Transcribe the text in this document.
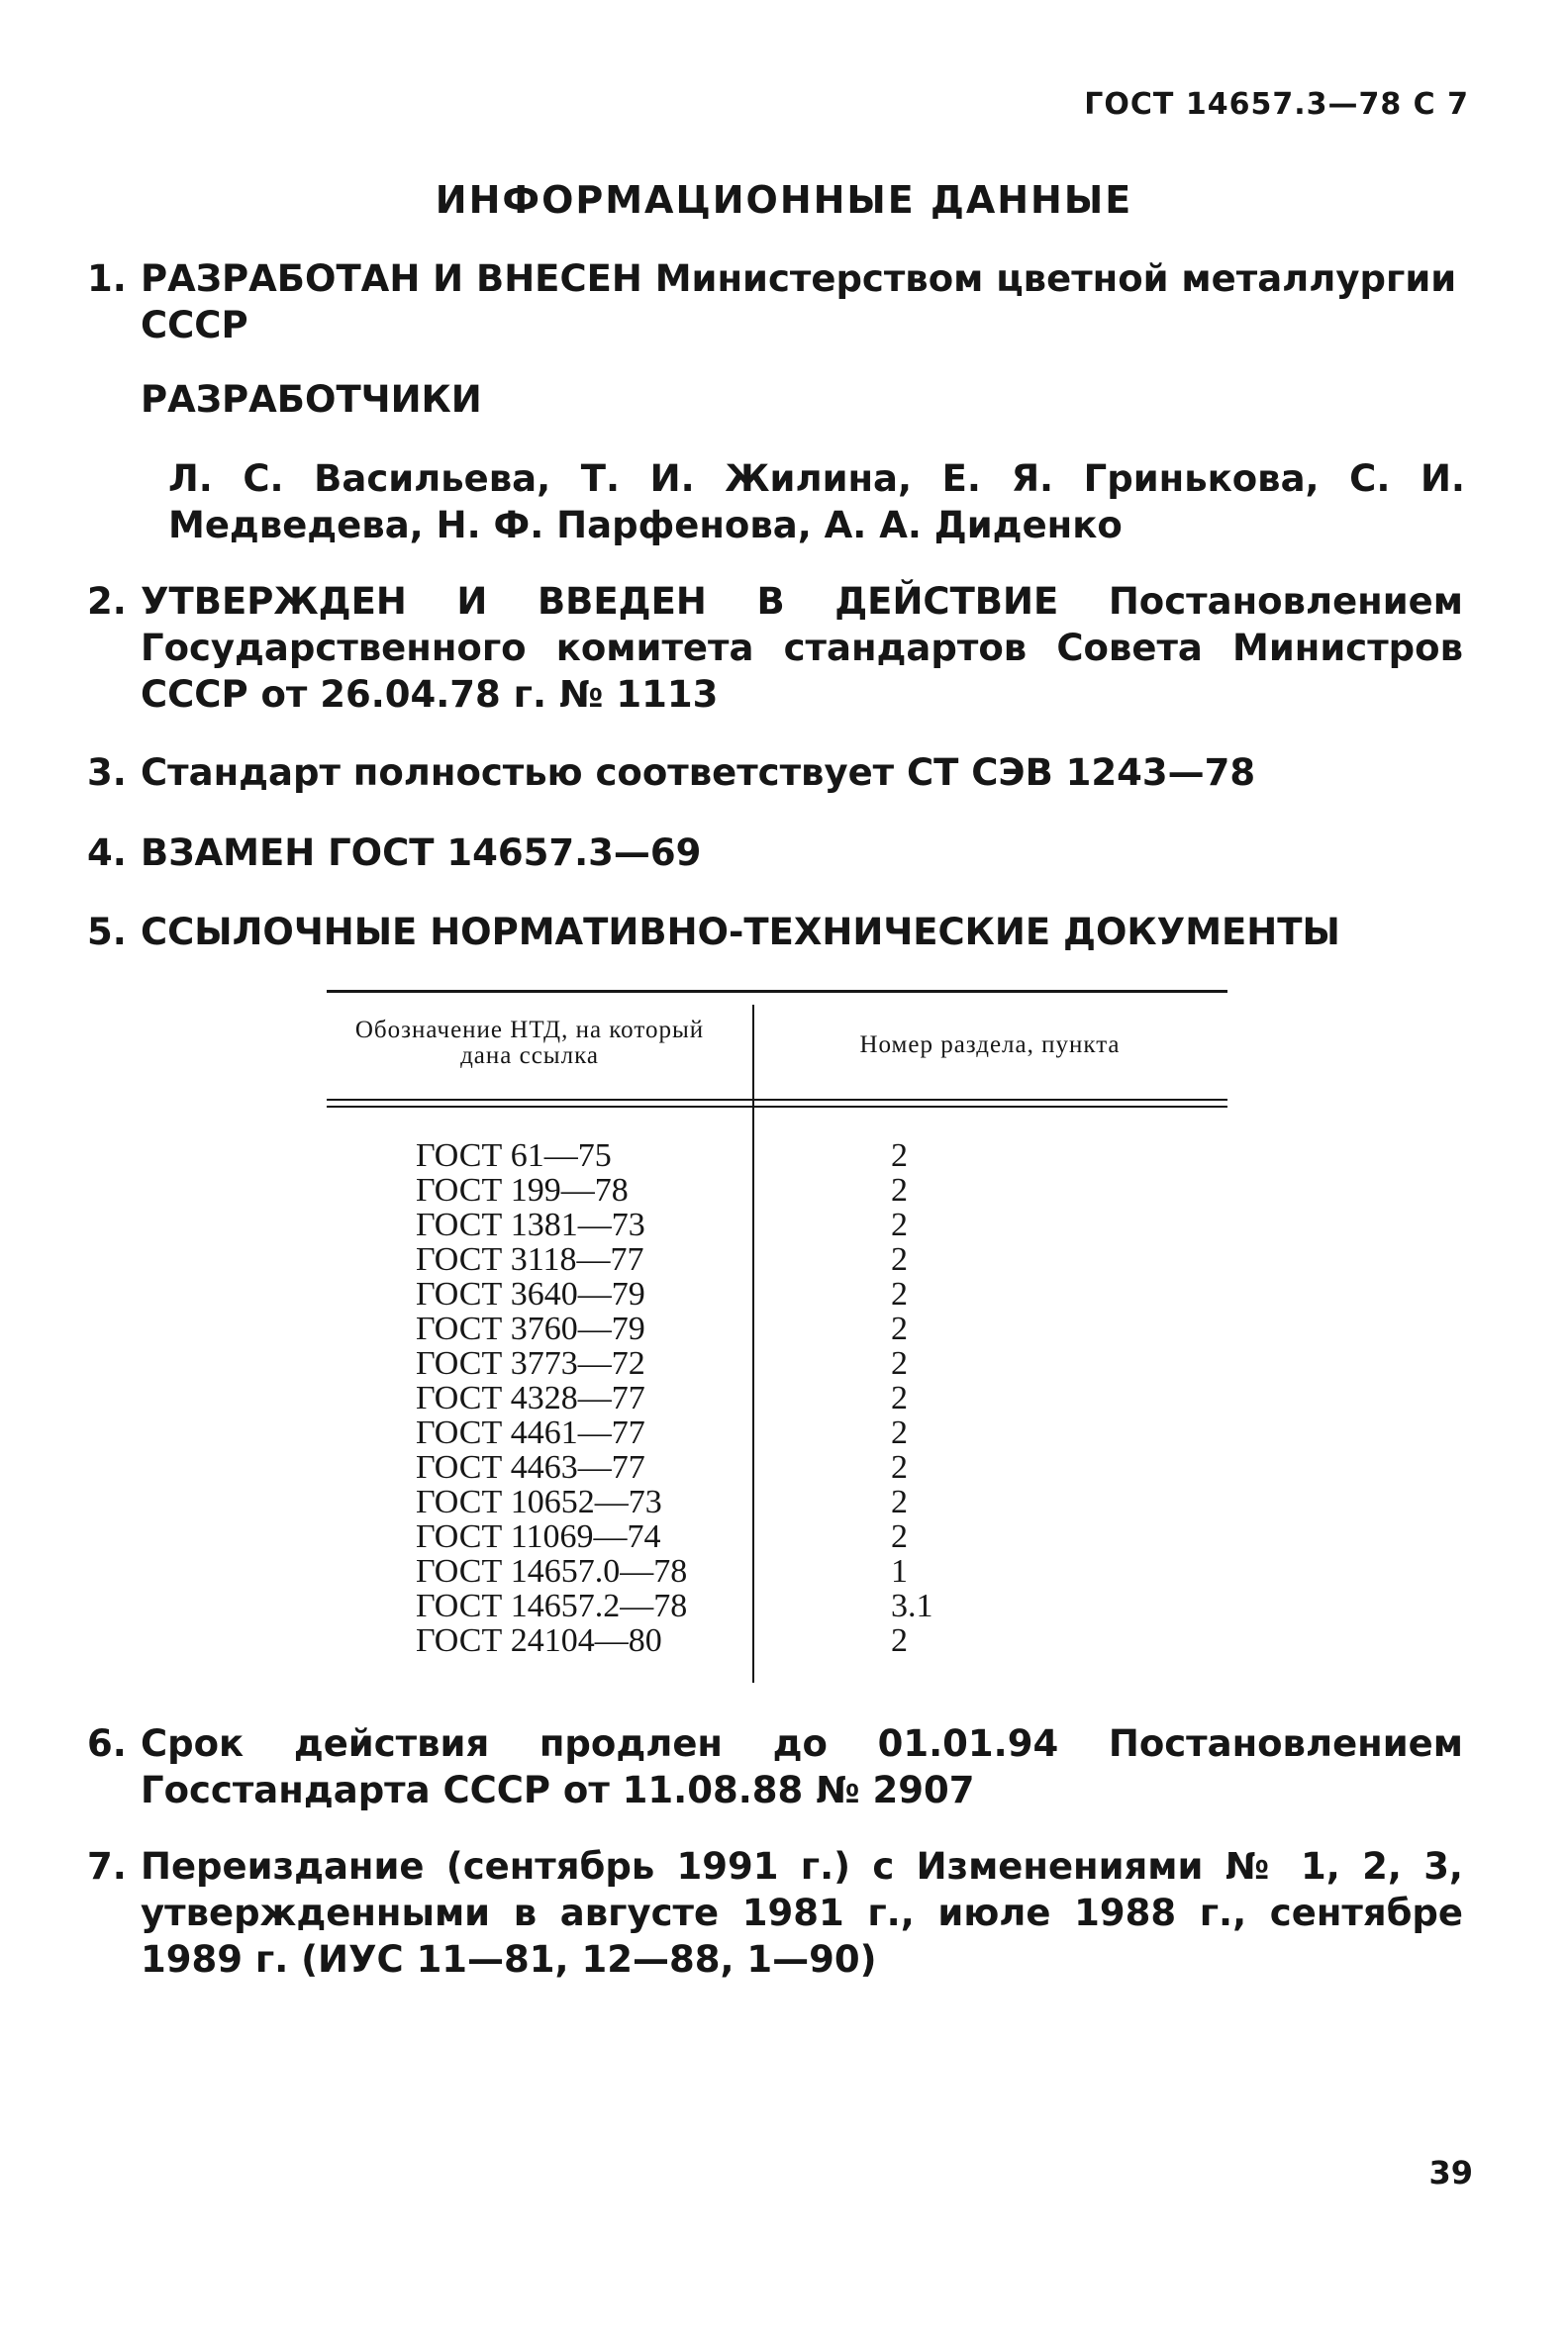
ГОСТ 14657.3—78 С 7
ИНФОРМАЦИОННЫЕ ДАННЫЕ
1. РАЗРАБОТАН И ВНЕСЕН Министерством цветной металлургии СССР
РАЗРАБОТЧИКИ
Л. С. Васильева, Т. И. Жилина, Е. Я. Гринькова, С. И. Медведева, Н. Ф. Парфенова, А. А. Диденко
2. УТВЕРЖДЕН И ВВЕДЕН В ДЕЙСТВИЕ Постановлением Государственного комитета стандартов Совета Министров СССР от 26.04.78 г. № 1113
3. Стандарт полностью соответствует СТ СЭВ 1243—78
4. ВЗАМЕН ГОСТ 14657.3—69
5. ССЫЛОЧНЫЕ НОРМАТИВНО-ТЕХНИЧЕСКИЕ ДОКУМЕНТЫ
Обозначение НТД, на который дана ссылка	Номер раздела, пункта
ГОСТ 61—75
ГОСТ 199—78
ГОСТ 1381—73
ГОСТ 3118—77
ГОСТ 3640—79
ГОСТ 3760—79
ГОСТ 3773—72
ГОСТ 4328—77
ГОСТ 4461—77
ГОСТ 4463—77
ГОСТ 10652—73
ГОСТ 11069—74
ГОСТ 14657.0—78
ГОСТ 14657.2—78
ГОСТ 24104—80
2
2
2
2
2
2
2
2
2
2
2
2
1
3.1
2
6. Срок действия продлен до 01.01.94 Постановлением Госстандарта СССР от 11.08.88 № 2907
7. Переиздание (сентябрь 1991 г.) с Изменениями № 1, 2, 3, утвержденными в августе 1981 г., июле 1988 г., сентябре 1989 г. (ИУС 11—81, 12—88, 1—90)
39
